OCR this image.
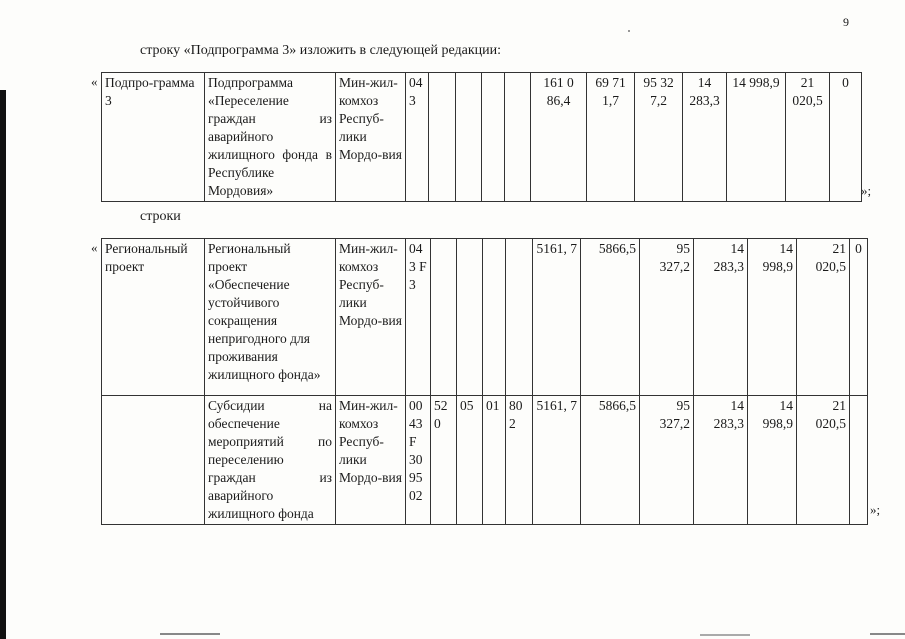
9
строку «Подпрограмма 3» изложить в следующей редакции:
« Подпро-грамма 3	Подпрограмма «Переселение граждан из аварийного жилищного фонда в Республике Мордовия»	Мин-жил-комхоз Респуб-лики Мордо-вия	04 3					161 0 86,4	69 71 1,7	95 32 7,2	14 283,3	14 998,9	21 020,5	0
»;
строки
« Региональный проект	Региональный проект «Обеспечение устойчивого сокращения непригодного для проживания жилищного фонда»	Мин-жил-комхоз Респуб-лики Мордо-вия	04 3 F 3					5161, 7	5866,5	95 327,2	14 283,3	14 998,9	21 020,5	0
	Субсидии на обеспечение мероприятий по переселению граждан из аварийного жилищного фонда	Мин-жил-комхоз Респуб-лики Мордо-вия	00 43 F 30 95 02	52 0	05	01	80 2	5161, 7	5866,5	95 327,2	14 283,3	14 998,9	21 020,5	
»;
